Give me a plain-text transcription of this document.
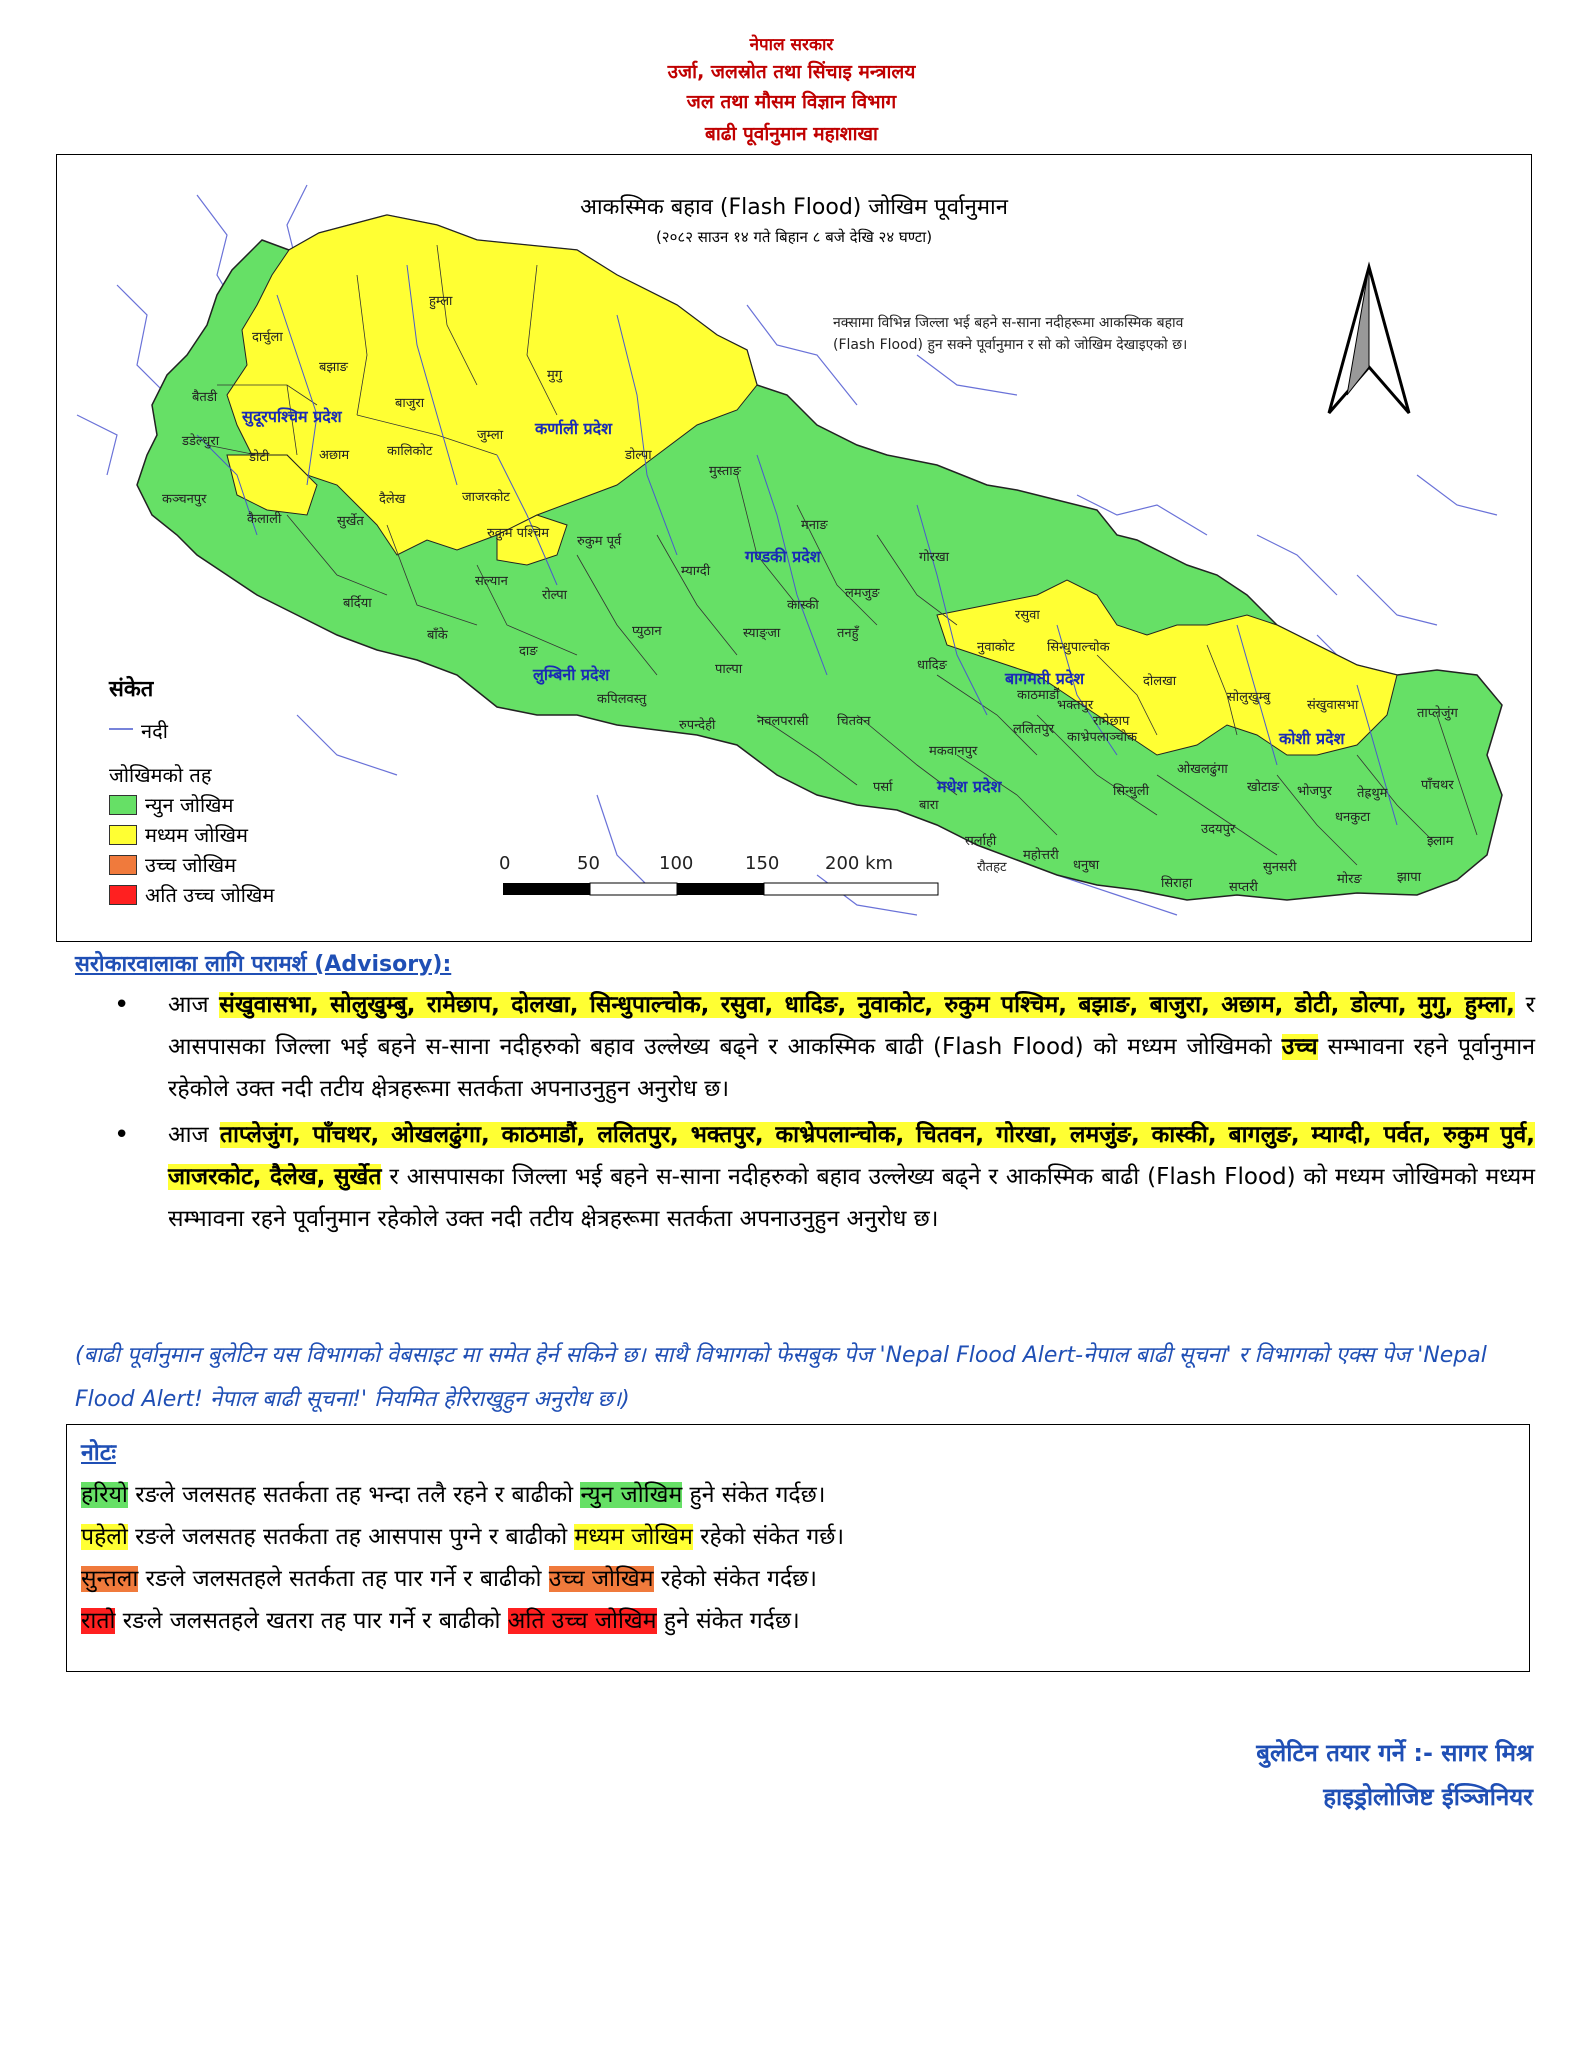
नेपाल सरकार
उर्जा, जलस्रोत तथा सिंचाइ मन्त्रालय
जल तथा मौसम विज्ञान विभाग
बाढी पूर्वानुमान महाशाखा
आकस्मिक बहाव (Flash Flood) जोखिम पूर्वानुमान
(२०८२ साउन १४ गते बिहान ८ बजे देखि २४ घण्टा)
नक्सामा विभिन्न जिल्ला भई बहने स-साना नदीहरूमा आकस्मिक बहाव
(Flash Flood) हुन सक्ने पूर्वानुमान र सो को जोखिम देखाइएको छ।
सुदूरपश्चिम प्रदेश
कर्णाली प्रदेश
गण्डकी प्रदेश
लुम्बिनी प्रदेश	बागमती प्रदेश
कोशी प्रदेश
मधेश प्रदेश
दार्चुला
बैतडी
डडेल्धुरा
कञ्चनपुर
कैलाली
डोटी	अछाम
बझाङ
बाजुरा
हुम्ला
मुगु
जुम्ला
कालिकोट	डोल्पा
दैलेख
सुर्खेत
जाजरकोट
रुकुम पश्चिम
रुकुम पूर्व
सल्यान
बर्दिया
बाँके
दाङ
रोल्पा
प्युठान
मुस्ताङ
म्याग्दी
मनाङ
गोरखा
कास्की
लमजुङ
तनहुँ
स्याङ्जा
पाल्पा
कपिलवस्तु
रुपन्देही	नवलपरासी चितवन
धादिङ
नुवाकोट
रसुवा
सिन्धुपाल्चोक
दोलखा
रामेछाप
सोलुखुम्बु
संखुवासभा
ताप्लेजुंग
पाँचथर
इलाम
झापा
मोरङ
सुनसरी
धनकुटा
तेह्रथुम
भोजपुर
उदयपुर
खोटाङ
ओखलढुंगा
सिराहा	सप्तरी
धनुषा
महोत्तरी
सर्लाही
बारा
पर्सा
रौतहट
मकवानपुर
सिन्धुली
काठमाडौं
ललितपुर
भक्तपुर
काभ्रेपलाञ्चोक
संकेत
नदी
जोखिमको तह
न्युन जोखिम
मध्यम जोखिम
उच्च जोखिम
अति उच्च जोखिम
0	50	100	150	200 km
सरोकारवालाका लागि परामर्श (Advisory):
• आज संखुवासभा, सोलुखुम्बु, रामेछाप, दोलखा, सिन्धुपाल्चोक, रसुवा, धादिङ, नुवाकोट, रुकुम पश्चिम, बझाङ, बाजुरा, अछाम, डोटी, डोल्पा, मुगु, हुम्ला, र आसपासका जिल्ला भई बहने स-साना नदीहरुको बहाव उल्लेख्य बढ्ने र आकस्मिक बाढी (Flash Flood) को मध्यम जोखिमको उच्च सम्भावना रहने पूर्वानुमान रहेकोले उक्त नदी तटीय क्षेत्रहरूमा सतर्कता अपनाउनुहुन अनुरोध छ।
• आज ताप्लेजुंग, पाँचथर, ओखलढुंगा, काठमाडौं, ललितपुर, भक्तपुर, काभ्रेपलान्चोक, चितवन, गोरखा, लमजुंङ, कास्की, बागलुङ, म्याग्दी, पर्वत, रुकुम पुर्व, जाजरकोट, दैलेख, सुर्खेत र आसपासका जिल्ला भई बहने स-साना नदीहरुको बहाव उल्लेख्य बढ्ने र आकस्मिक बाढी (Flash Flood) को मध्यम जोखिमको मध्यम सम्भावना रहने पूर्वानुमान रहेकोले उक्त नदी तटीय क्षेत्रहरूमा सतर्कता अपनाउनुहुन अनुरोध छ।
(बाढी पूर्वानुमान बुलेटिन यस विभागको वेबसाइट मा समेत हेर्न सकिने छ। साथै विभागको फेसबुक पेज 'Nepal Flood Alert-नेपाल बाढी सूचना' र विभागको एक्स पेज 'Nepal Flood Alert! नेपाल बाढी सूचना!' नियमित हेरिराखुहुन अनुरोध छ।)
नोटः
हरियो रङले जलसतह सतर्कता तह भन्दा तलै रहने र बाढीको न्युन जोखिम हुने संकेत गर्दछ।
पहेलो रङले जलसतह सतर्कता तह आसपास पुग्ने र बाढीको मध्यम जोखिम रहेको संकेत गर्छ।
सुन्तला रङले जलसतहले सतर्कता तह पार गर्ने र बाढीको उच्च जोखिम रहेको संकेत गर्दछ।
रातो रङले जलसतहले खतरा तह पार गर्ने र बाढीको अति उच्च जोखिम हुने संकेत गर्दछ।
बुलेटिन तयार गर्ने :- सागर मिश्र
हाइड्रोलोजिष्ट ईञ्जिनियर
